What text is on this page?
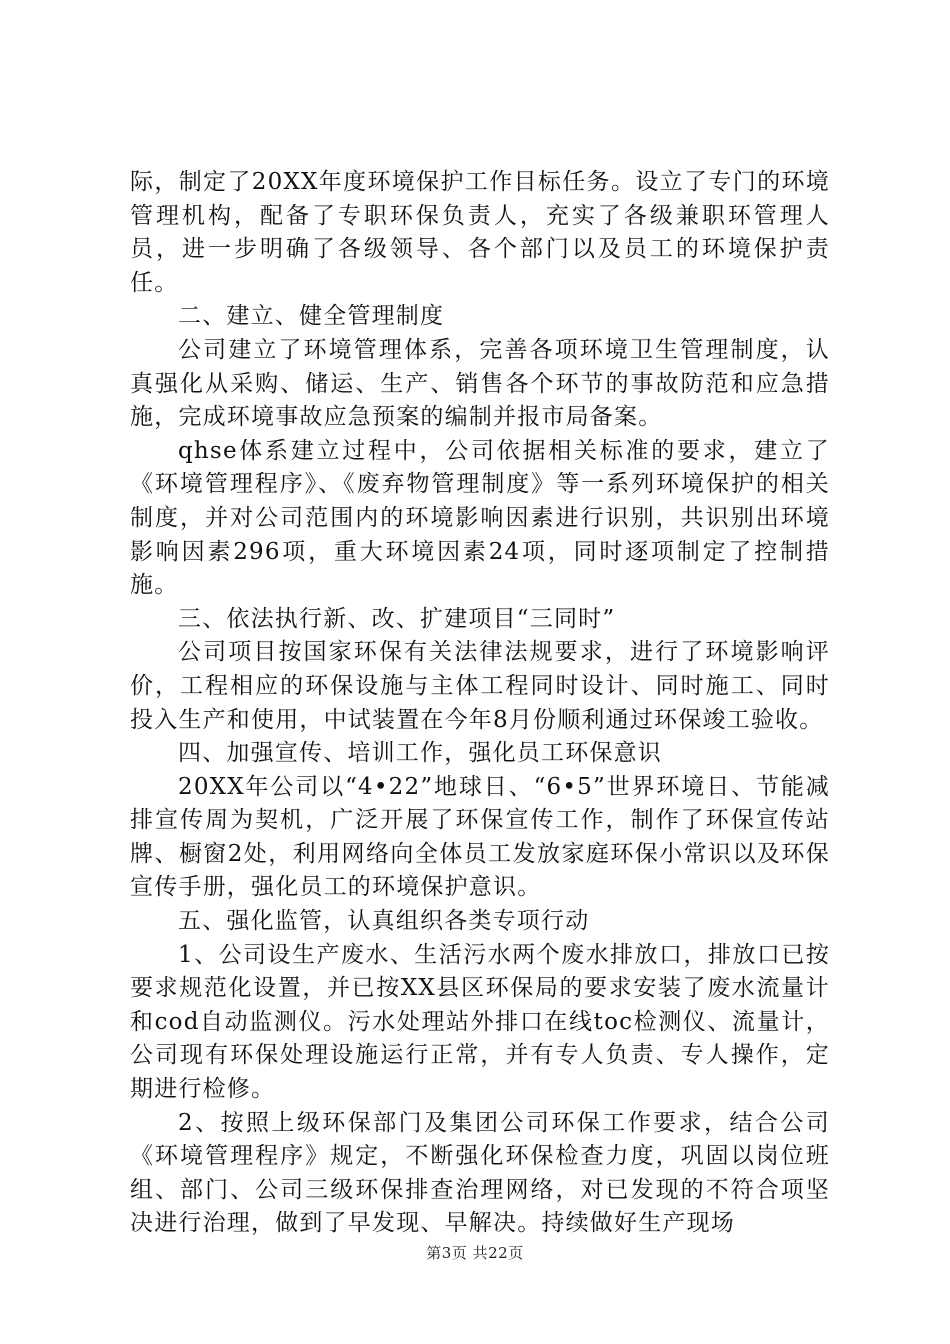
际，制定了20XX年度环境保护工作目标任务。设立了专门的环境管理机构，配备了专职环保负责人，充实了各级兼职环管理人员，进一步明确了各级领导、各个部门以及员工的环境保护责任。

二、建立、健全管理制度

公司建立了环境管理体系，完善各项环境卫生管理制度，认真强化从采购、储运、生产、销售各个环节的事故防范和应急措施，完成环境事故应急预案的编制并报市局备案。

qhse体系建立过程中，公司依据相关标准的要求，建立了《环境管理程序》、《废弃物管理制度》等一系列环境保护的相关制度，并对公司范围内的环境影响因素进行识别，共识别出环境影响因素296项，重大环境因素24项，同时逐项制定了控制措施。

三、依法执行新、改、扩建项目“三同时”

公司项目按国家环保有关法律法规要求，进行了环境影响评价，工程相应的环保设施与主体工程同时设计、同时施工、同时投入生产和使用，中试装置在今年8月份顺利通过环保竣工验收。

四、加强宣传、培训工作，强化员工环保意识

20XX年公司以“4•22”地球日、“6•5”世界环境日、节能减排宣传周为契机，广泛开展了环保宣传工作，制作了环保宣传站牌、橱窗2处，利用网络向全体员工发放家庭环保小常识以及环保宣传手册，强化员工的环境保护意识。

五、强化监管，认真组织各类专项行动

1、公司设生产废水、生活污水两个废水排放口，排放口已按要求规范化设置，并已按XX县区环保局的要求安装了废水流量计和cod自动监测仪。污水处理站外排口在线toc检测仪、流量计，公司现有环保处理设施运行正常，并有专人负责、专人操作，定期进行检修。

2、按照上级环保部门及集团公司环保工作要求，结合公司《环境管理程序》规定，不断强化环保检查力度，巩固以岗位班组、部门、公司三级环保排查治理网络，对已发现的不符合项坚决进行治理，做到了早发现、早解决。持续做好生产现场

第3页 共22页
